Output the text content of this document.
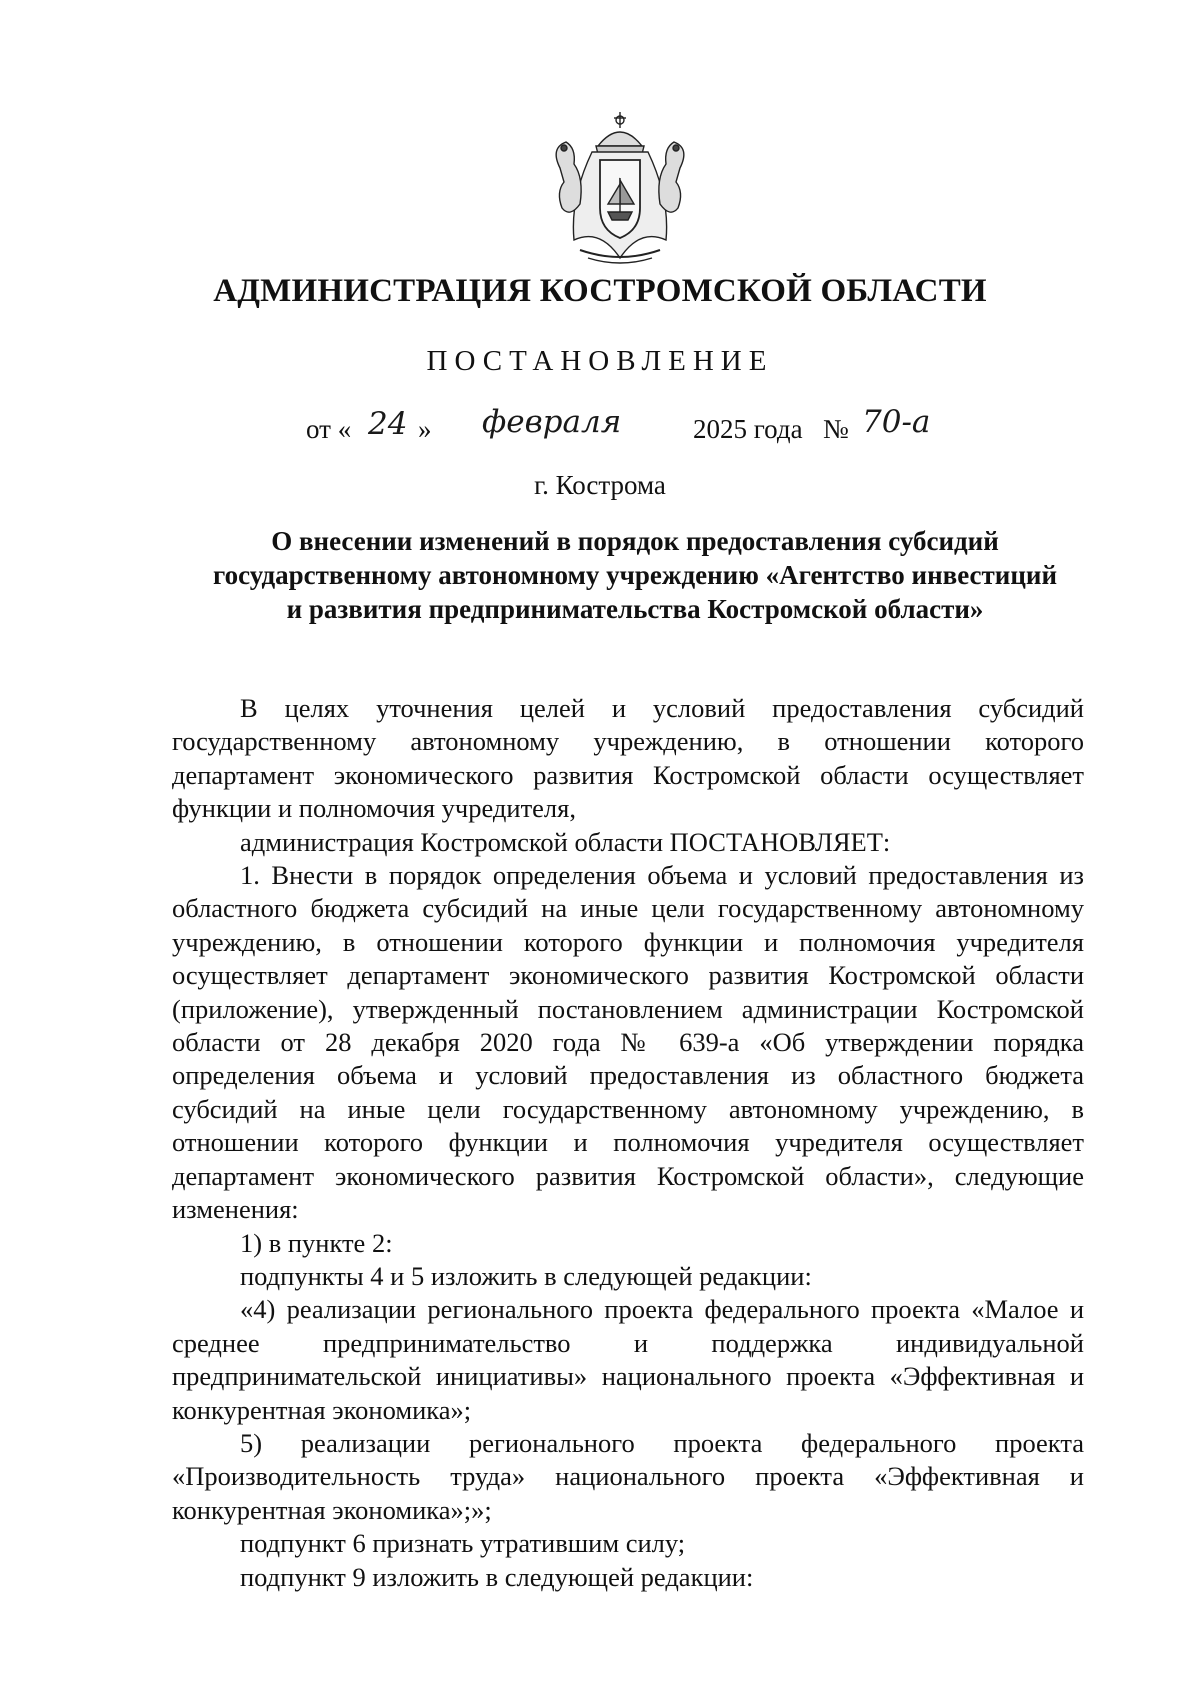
АДМИНИСТРАЦИЯ КОСТРОМСКОЙ ОБЛАСТИ
ПОСТАНОВЛЕНИЕ
от « 24 » февраля	2025 года № 70-а
г. Кострома
О внесении изменений в порядок предоставления субсидий
государственному автономному учреждению «Агентство инвестиций
и развития предпринимательства Костромской области»

В целях уточнения целей и условий предоставления субсидий государственному автономному учреждению, в отношении которого департамент экономического развития Костромской области осуществляет функции и полномочия учредителя,

администрация Костромской области ПОСТАНОВЛЯЕТ:

1. Внести в порядок определения объема и условий предоставления из областного бюджета субсидий на иные цели государственному автономному учреждению, в отношении которого функции и полномочия учредителя осуществляет департамент экономического развития Костромской области (приложение), утвержденный постановлением администрации Костромской области от 28 декабря 2020 года № 639-а «Об утверждении порядка определения объема и условий предоставления из областного бюджета субсидий на иные цели государственному автономному учреждению, в отношении которого функции и полномочия учредителя осуществляет департамент экономического развития Костромской области», следующие изменения:

1) в пункте 2:

подпункты 4 и 5 изложить в следующей редакции:

«4) реализации регионального проекта федерального проекта «Малое и среднее предпринимательство и поддержка индивидуальной предпринимательской инициативы» национального проекта «Эффективная и конкурентная экономика»;

5) реализации регионального проекта федерального проекта «Производительность труда» национального проекта «Эффективная и конкурентная экономика»;»;

подпункт 6 признать утратившим силу;

подпункт 9 изложить в следующей редакции:
